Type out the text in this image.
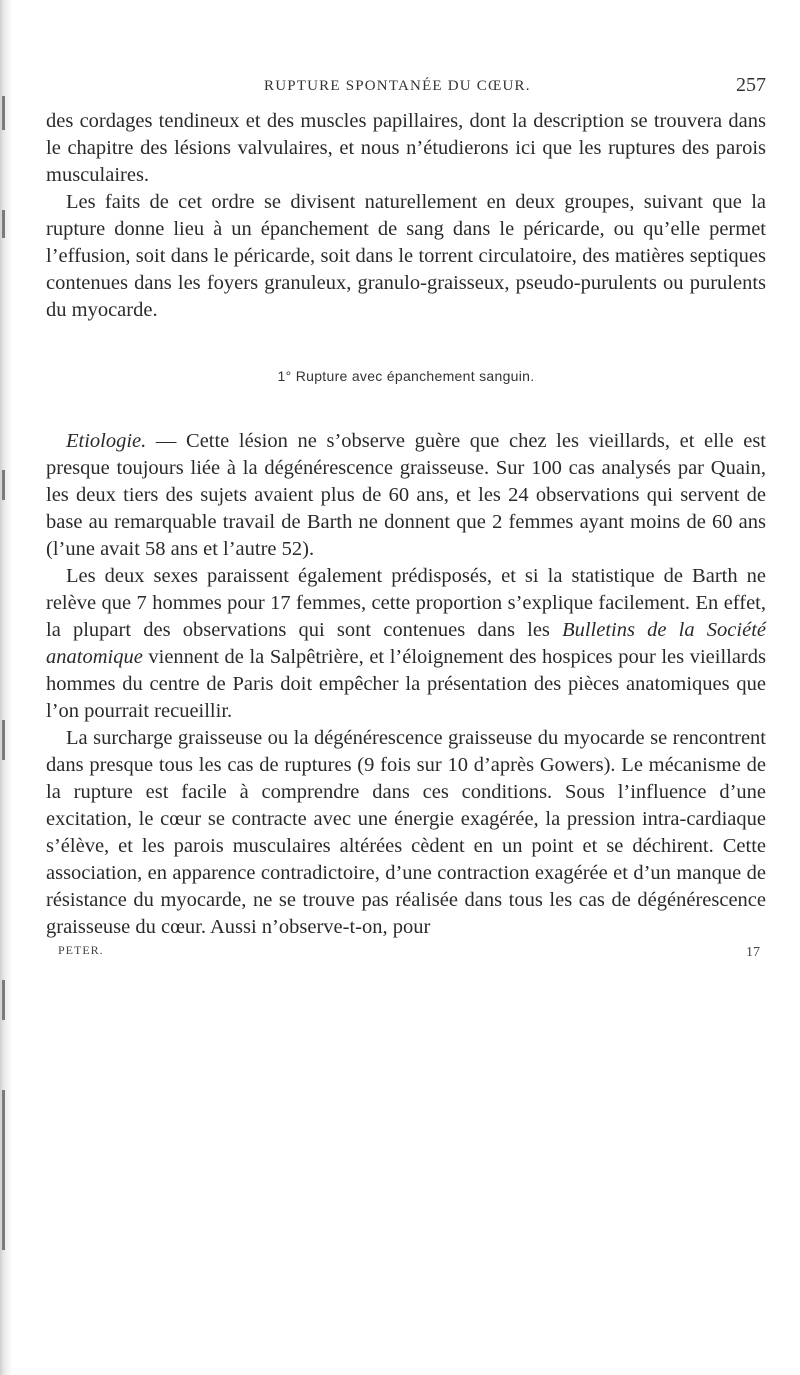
RUPTURE SPONTANÉE DU CŒUR.	257

des cordages tendineux et des muscles papillaires, dont la description se trouvera dans le chapitre des lésions valvulaires, et nous n’étudierons ici que les ruptures des parois musculaires.

Les faits de cet ordre se divisent naturellement en deux groupes, suivant que la rupture donne lieu à un épanchement de sang dans le péricarde, ou qu’elle permet l’effusion, soit dans le péricarde, soit dans le torrent circulatoire, des matières septiques contenues dans les foyers granuleux, granulo-graisseux, pseudo-purulents ou purulents du myocarde.

1° Rupture avec épanchement sanguin.

Etiologie. — Cette lésion ne s’observe guère que chez les vieillards, et elle est presque toujours liée à la dégénérescence graisseuse. Sur 100 cas analysés par Quain, les deux tiers des sujets avaient plus de 60 ans, et les 24 observations qui servent de base au remarquable travail de Barth ne donnent que 2 femmes ayant moins de 60 ans (l’une avait 58 ans et l’autre 52).

Les deux sexes paraissent également prédisposés, et si la statistique de Barth ne relève que 7 hommes pour 17 femmes, cette proportion s’explique facilement. En effet, la plupart des observations qui sont contenues dans les Bulletins de la Société anatomique viennent de la Salpêtrière, et l’éloignement des hospices pour les vieillards hommes du centre de Paris doit empêcher la présentation des pièces anatomiques que l’on pourrait recueillir.

La surcharge graisseuse ou la dégénérescence graisseuse du myocarde se rencontrent dans presque tous les cas de ruptures (9 fois sur 10 d’après Gowers). Le mécanisme de la rupture est facile à comprendre dans ces conditions. Sous l’influence d’une excitation, le cœur se contracte avec une énergie exagérée, la pression intra-cardiaque s’élève, et les parois musculaires altérées cèdent en un point et se déchirent. Cette association, en apparence contradictoire, d’une contraction exagérée et d’un manque de résistance du myocarde, ne se trouve pas réalisée dans tous les cas de dégénérescence graisseuse du cœur. Aussi n’observe-t-on, pour

PETER.	17
